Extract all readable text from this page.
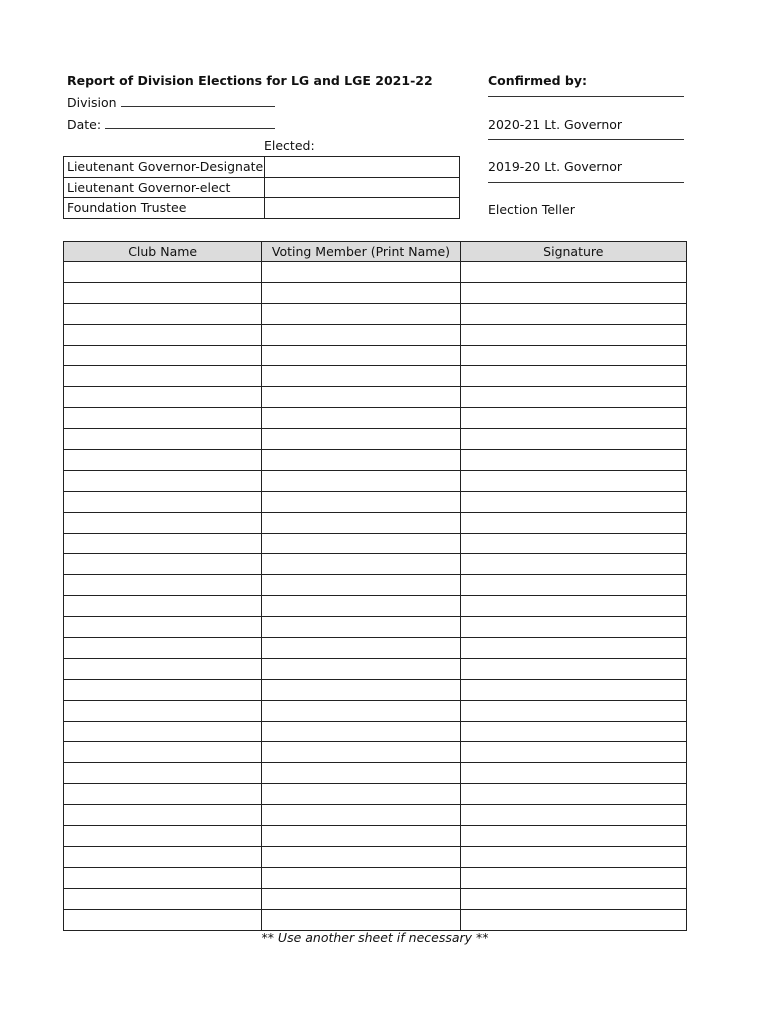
Report of Division Elections for LG and LGE 2021-22
Division
Date:
Elected:
Lieutenant Governor-Designate	
Lieutenant Governor-elect	
Foundation Trustee	
Confirmed by:
2020-21 Lt. Governor
2019-20 Lt. Governor
Election Teller
Club Name	Voting Member (Print Name)	Signature

** Use another sheet if necessary **
